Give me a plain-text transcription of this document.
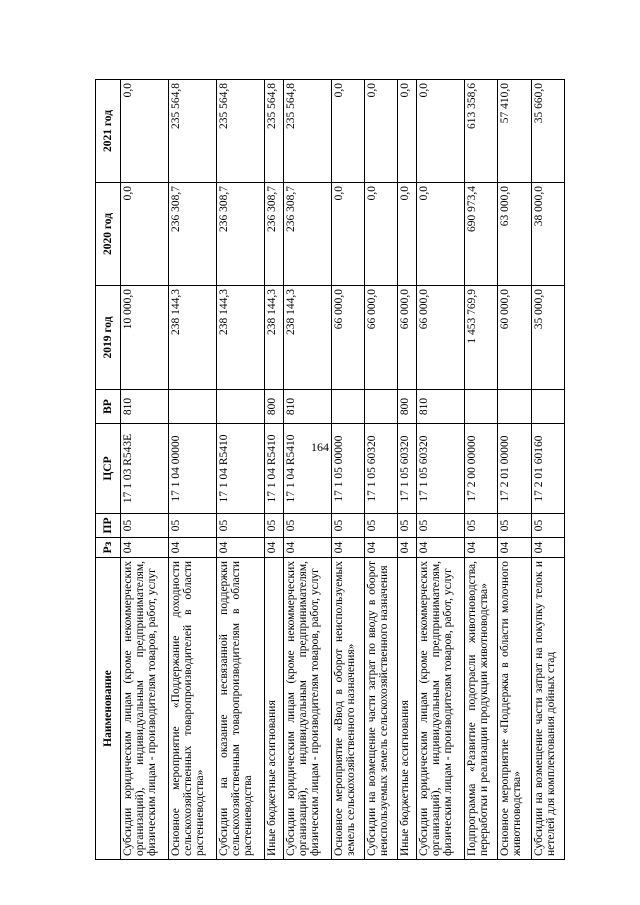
164
Наименование	Рз	ПР	ЦСР	ВР	2019 год	2020 год	2021 год
Субсидии юридическим лицам (кроме некоммерческих организаций), индивидуальным предпринимателям, физическим лицам - производителям товаров, работ, услуг	04	05	17 1 03 R543E	810	10 000,0	0,0	0,0
Основное мероприятие «Поддержание доходности сельскохозяйственных товаропроизводителей в области растениеводства»	04	05	17 1 04 00000		238 144,3	236 308,7	235 564,8
Субсидии на оказание несвязанной поддержки сельскохозяйственным товаропроизводителям в области растениеводства	04	05	17 1 04 R5410		238 144,3	236 308,7	235 564,8
Иные бюджетные ассигнования	04	05	17 1 04 R5410	800	238 144,3	236 308,7	235 564,8
Субсидии юридическим лицам (кроме некоммерческих организаций), индивидуальным предпринимателям, физическим лицам - производителям товаров, работ, услуг	04	05	17 1 04 R5410	810	238 144,3	236 308,7	235 564,8
Основное мероприятие «Ввод в оборот неиспользуемых земель сельскохозяйственного назначения»	04	05	17 1 05 00000		66 000,0	0,0	0,0
Субсидии на возмещение части затрат по вводу в оборот неиспользуемых земель сельскохозяйственного назначения	04	05	17 1 05 60320		66 000,0	0,0	0,0
Иные бюджетные ассигнования	04	05	17 1 05 60320	800	66 000,0	0,0	0,0
Субсидии юридическим лицам (кроме некоммерческих организаций), индивидуальным предпринимателям, физическим лицам - производителям товаров, работ, услуг	04	05	17 1 05 60320	810	66 000,0	0,0	0,0
Подпрограмма «Развитие подотрасли животноводства, переработки и реализации продукции животноводства»	04	05	17 2 00 00000		1 453 769,9	690 973,4	613 358,6
Основное мероприятие «Поддержка в области молочного животноводства»	04	05	17 2 01 00000		60 000,0	63 000,0	57 410,0
Субсидии на возмещение части затрат на покупку телок и нетелей для комплектования дойных стад	04	05	17 2 01 60160		35 000,0	38 000,0	35 660,0
